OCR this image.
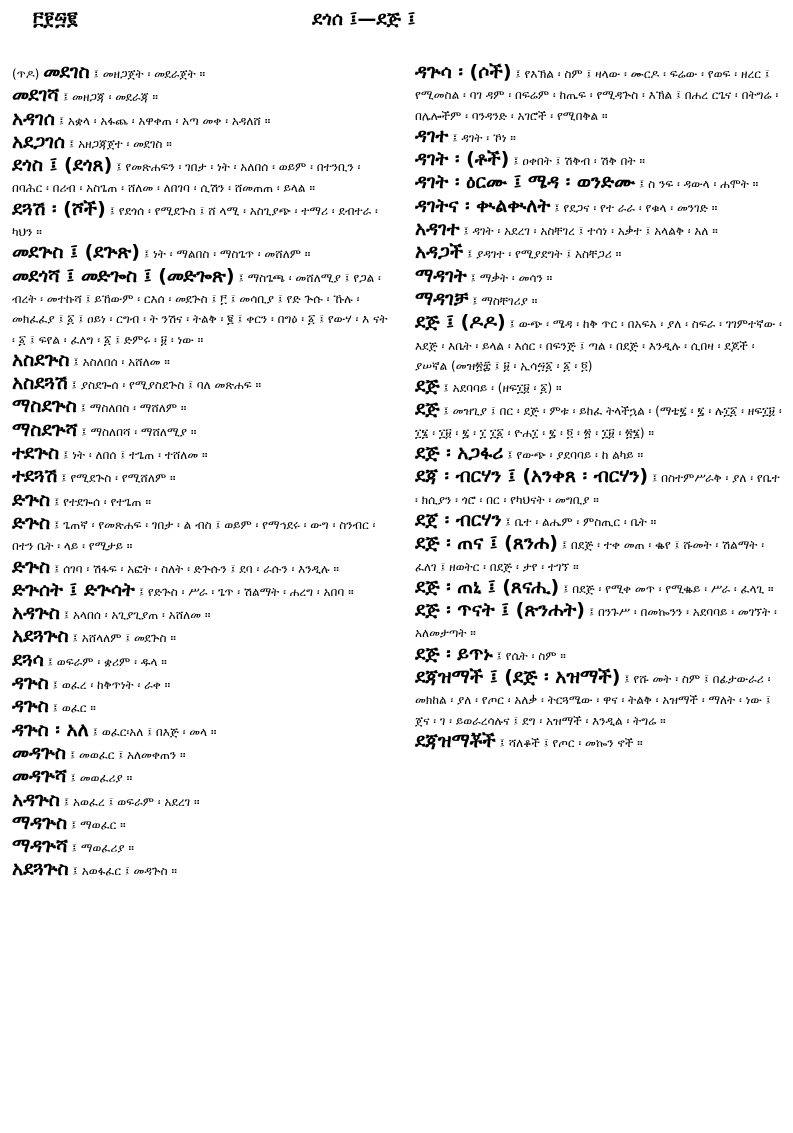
፫፻፵፪	ደጎሰ ፤—ደጅ ፤

(ጥዶ) መደገስ ፤ መዘጋጀት ፡ መደራጀት ።

መደገሻ ፤ መዘጋጃ ፡ መደራጃ ።

አዳገሰ ፤ አቋላ ፡ አፋጨ ፡ አዋቀጠ ፡ አጣ መቀ ፡ አዳለሸ ።

አደጋገሰ ፤ አዘጋጃጀተ ፡ መደገስ ።

ደጎስ ፤ (ደጎጸ) ፤ የመጽሐፍን ፡ ገበታ ፡ ነት ፡ አለበሰ ፡ ወይም ፡ በተንቢን ፡ በባሕር ፡ በሪብ ፡ አስጌጠ ፡ ሸለመ ፡ ለበገባ ፡ ሲሽን ፡ ሸመጠጠ ፡ ይላል ።

ደጓሽ ፡ (ሾች) ፤ የደጎሰ ፡ የሚደጕስ ፤ ሸ ላሚ ፡ አስጊያጭ ፡ ተማሪ ፡ ደብተራ ፡ ካህን ።

መደጕስ ፤ (ደጕጽ) ፤ ነት ፡ ማልበስ ፡ ማስጌጥ ፡ መሸለም ።

መደጎሻ ፤ መድጐስ ፤ (መድጐጽ) ፤ ማስጌጫ ፡ መሸለሚያ ፤ የጋል ፡ ብረት ፡ መተኩሻ ፤ ይኸውም ፡ ርእሰ ፡ መደጕስ ፤ ፫ ፤ መሳቢያ ፤ የድ ጕሱ ፡ ኹሉ ፡ መክፈፈያ ፤ ፩ ፤ ዐይነ ፡ ርግብ ፡ ት ንሽና ፡ ትልቅ ፡ ፪ ፤ ቀርን ፡ በግዕ ፡ ፩ ፤ የውሃ ፡ እ ናት ፡ ፩ ፤ ፍየል ፡ ፈለግ ፡ ፩ ፤ ድምሩ ፡ ፱ ፡ ነው ።

አስደጕስ ፤ አስለበሰ ፡ አሸለመ ።

አስደጓሽ ፤ ያስደጐሰ ፡ የሚያስደጕስ ፤ ባለ መጽሐፍ ።

ማስደጕስ ፤ ማስለበስ ፡ ማሸለም ።

ማስደጕሻ ፤ ማስለበሻ ፡ ማሸለሚያ ።

ተደጕስ ፤ ነት ፡ ለበሰ ፤ ተጌጠ ፡ ተሸለመ ።

ተደጓሽ ፤ የሚደጕስ ፡ የሚሸለም ።

ድጕስ ፤ የተደጐሰ ፡ የተጌጠ ።

ድጕስ ፤ ጌጠኛ ፡ የመጽሐፍ ፡ ገበታ ፡ ል ብስ ፤ ወይም ፡ የማኅደሩ ፡ ውግ ፡ ስንብር ፡ በተን ቤት ፡ ላይ ፡ የሚታይ ።

ድጕስ ፤ ሰገባ ፡ ሽፋፍ ፡ አፎት ፡ ስለት ፡ ድጕሱን ፤ ደባ ፡ ራሱን ፡ እንዲሉ ።

ድጕሰት ፤ ድጕሳት ፤ የድጕስ ፡ ሥራ ፡ ጌጥ ፡ ሽልማት ፡ ሐረግ ፡ አበባ ።

አዳጕስ ፤ አላበሰ ፡ አጊያጊያጠ ፡ አሸለመ ።

አደጓጕስ ፤ አሸላለም ፤ መደጕስ ።

ደጓሳ ፤ ወፍራም ፡ ቋሪም ፡ ዱላ ።

ዳጕስ ፤ ወፈረ ፡ ከቅጥነት ፡ ራቀ ።

ዳጕስ ፤ ወፈር ።

ዳጕስ ፡ አለ ፤ ወፈር፡አለ ፤ በእጅ ፡ መላ ።

መዳጕስ ፤ መወፈር ፤ አለመቀጠን ።

መዳጕሻ ፤ መወፈሪያ ።

አዳጕስ ፤ አወፈረ ፤ ወፍራም ፡ አደረገ ።

ማዳጕስ ፤ ማወፈር ።

ማዳጕሻ ፤ ማወፈሪያ ።

አደጓጕስ ፤ አወፋፈር ፤ መዳጕስ ።

ዳጕሳ ፡ (ሶች) ፤ የእኽል ፡ ስም ፤ ዛላው ፡ ሙርዶ ፡ ፍሬው ፡ የወፍ ፡ ዘረር ፤ የሚመስል ፡ ባገ ዳም ፡ በፍሬም ፡ ከጤፍ ፡ የሚዳጕስ ፡ እኽል ፤ በሐረ ርጌና ፡ በትግሬ ፡ በሌሎችም ፡ ባንዳንድ ፡ አገሮች ፡ የሚበቅል ።

ዳገተ ፤ ዳገት ፡ ኾነ ።

ዳገት ፡ (ቶች) ፤ ዐቀበት ፤ ሽቅብ ፡ ሽቅ በት ።

ዳገት ፡ ዕርሙ ፤ ሜዳ ፡ ወንድሙ ፤ ስ ንፍ ፡ ዳውላ ፡ ሐሞት ።

ዳገትና ፡ ቊልቊለት ፤ የደጋና ፡ የተ ራራ ፡ የቁላ ፡ መንገድ ።

አዳገተ ፤ ዳገት ፡ አደረገ ፡ አስቸገረ ፤ ተሳነ ፡ አቃተ ፤ አላልቅ ፡ አለ ።

አዳጋች ፤ ያዳገተ ፡ የሚያደግት ፤ አስቸጋሪ ።

ማዳገት ፤ ማቃት ፡ መሳን ።

ማዳገቻ ፤ ማስቸገሪያ ።

ደጅ ፤ (ዶዶ) ፤ ውጭ ፡ ሜዳ ፡ ከቅ ጥር ፡ በአፍአ ፡ ያለ ፡ ስፍራ ፡ ገገምተኛው ፡ እደጅ ፡ እቤት ፡ ይላል ፡ እሰር ፡ በፍንጅ ፤ ጣል ፡ በደጅ ፡ እንዲሉ ፡ ሲበዛ ፡ ደጆች ፡ ያሠኛል (መዝ፳፰ ፤ ፱ ፡ ኢሳ፵፩ ፡ ፩ ፡ ፬)

ደጅ ፤ አደባባይ ፡ (ዘፍ፲፱ ፡ ፩) ።

ደጅ ፤ መዝጊያ ፤ በር ፡ ደጅ ፡ ምቱ ፡ ይከፈ ትላችኋል ፡ (ማቴ፯ ፡ ፯ ፡ ሉ፲፩ ፡ ዘፍ፲፱ ፡ ፲፮ ፡ ፲፱ ፡ ፯ ፡ ፲ ፲፩ ፡ ዮሐ፲ ፡ ፯ ፡ ፬ ፡ ፳ ፡ ፲፱ ፡ ፳፮) ።

ደጅ ፡ አጋፋሪ ፤ የውጭ ፡ ያደባባይ ፡ ከ ልካይ ።

ደጃ ፡ ብርሃን ፤ (አንቀጸ ፡ ብርሃን) ፤ በስተምሥራቅ ፡ ያለ ፡ የቤተ ፡ ክሲያን ፡ ጎሮ ፡ በር ፡ የካህናት ፡ መግቢያ ።

ደጀ ፡ ብርሃን ፤ ቤተ ፡ ልሔም ፡ ምስጢር ፡ ቤት ።

ደጅ ፡ ጠና ፤ (ጸንሐ) ፤ በደጅ ፡ ተቀ መጠ ፡ ቈየ ፤ ሹመት ፡ ሽልማት ፡ ፈለገ ፤ ዘወትር ፡ በደጅ ፡ ታየ ፡ ተገኘ ።

ደጅ ፡ ጠኒ ፤ (ጸናሒ) ፤ በደጅ ፡ የሚቀ መጥ ፡ የሚቈይ ፡ ሥራ ፡ ፈላጊ ።

ደጅ ፡ ጥናት ፤ (ጽንሐት) ፤ በንጉሥ ፡ በመኰንን ፡ አደባባይ ፡ መገኘት ፡ አለመታጣት ።

ደጅ ፡ ይጥኑ ፤ የሴት ፡ ስም ።

ደጃዝማች ፤ (ደጅ ፡ አዝማች) ፤ የሹ መት ፡ ስም ፤ በፊታውራሪ ፡ መክከል ፡ ያለ ፡ የጦር ፡ አለቃ ፡ ትርጓሜው ፡ ዋና ፡ ትልቅ ፡ አዝማች ፡ ማለት ፡ ነው ፤ ጀና ፡ ገ ፡ ይወራረሳሉና ፤ ደግ ፡ አዝማች ፡ እንዲል ፡ ትግሬ ።

ደጃዝማቾች ፤ ሻለቆች ፤ የጦር ፡ መኰን ኖች ።
